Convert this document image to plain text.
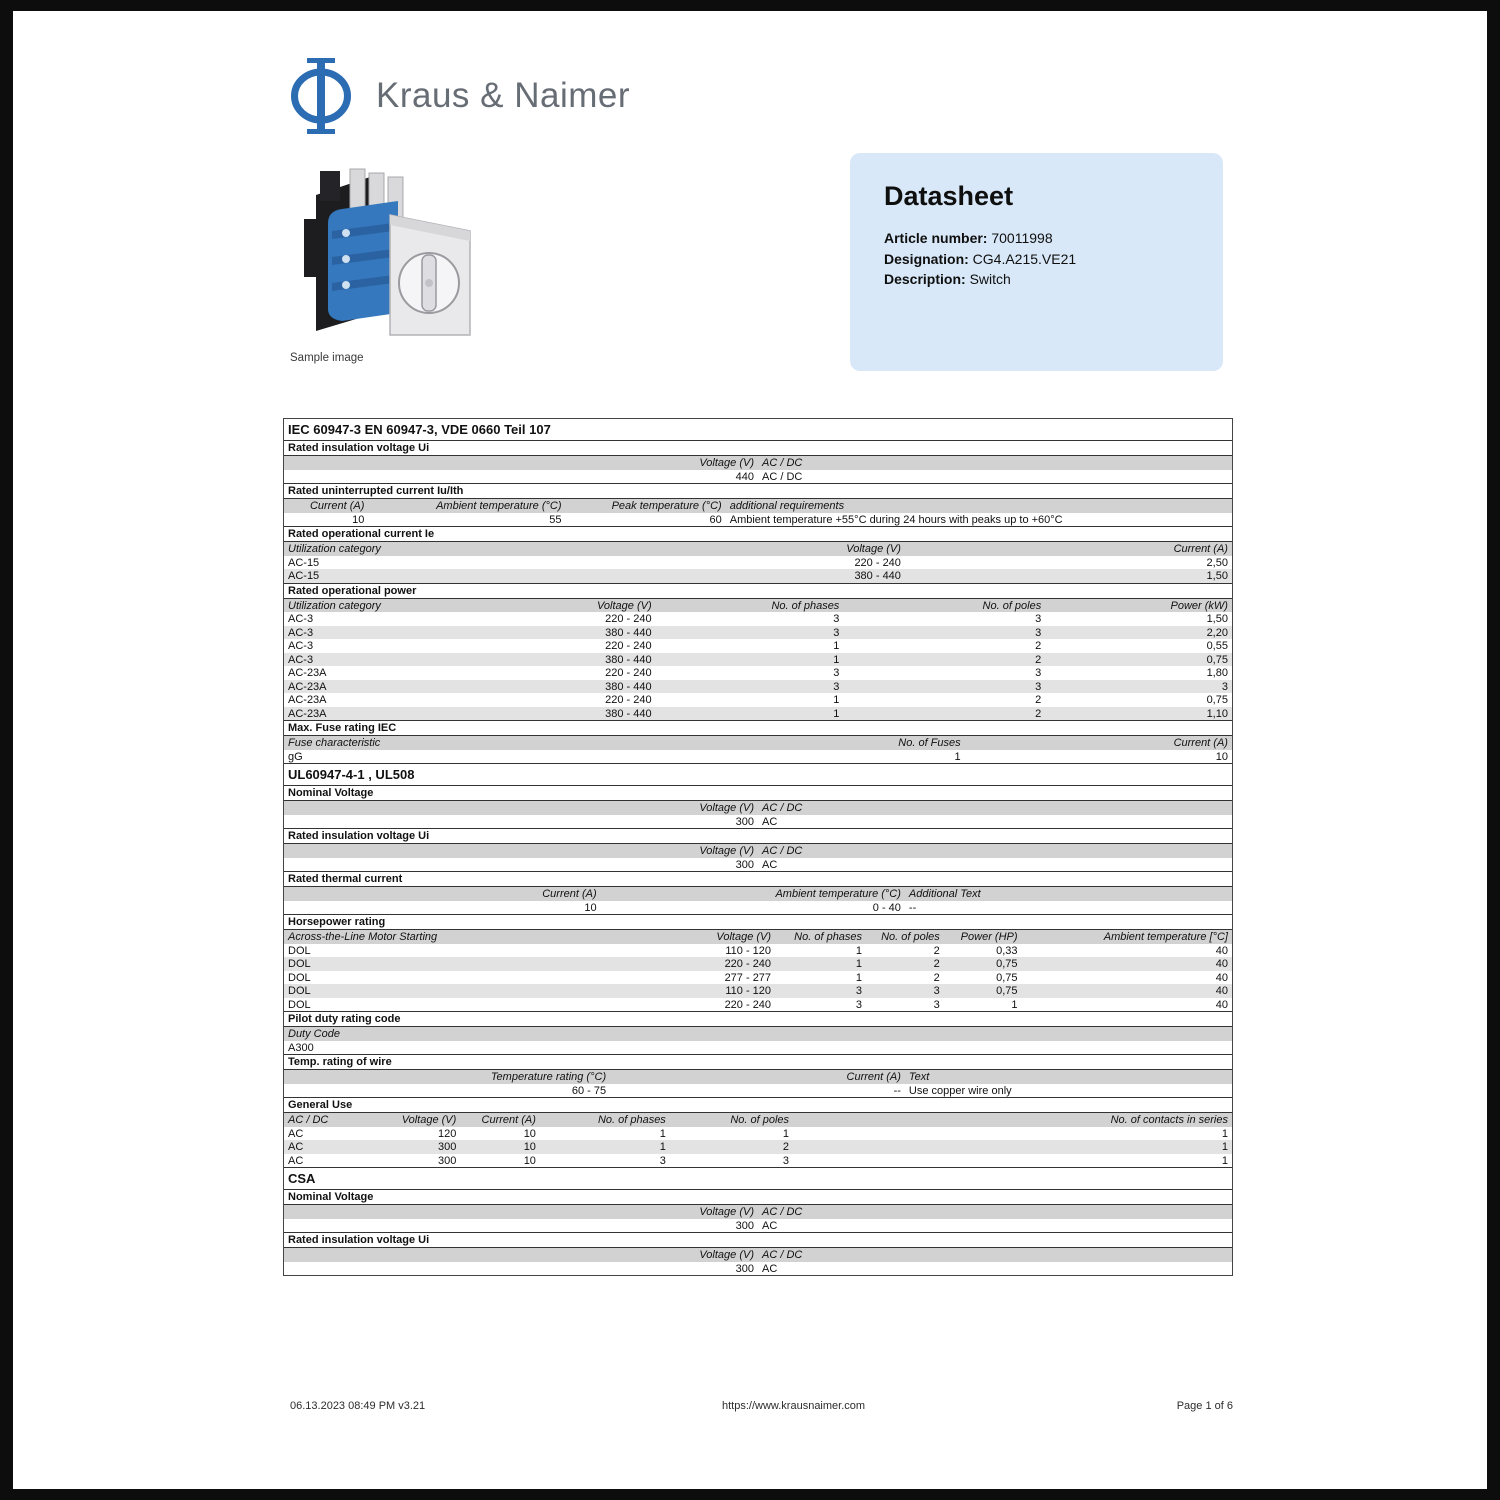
Kraus & Naimer
Sample image
Datasheet
Article number: 70011998
Designation: CG4.A215.VE21
Description: Switch
IEC 60947-3 EN 60947-3, VDE 0660 Teil 107
Rated insulation voltage Ui
Voltage (V) AC / DC
440 AC / DC
Rated uninterrupted current Iu/Ith
Current (A)	Ambient temperature (°C)	Peak temperature (°C) additional requirements
10	55	60 Ambient temperature +55°C during 24 hours with peaks up to +60°C
Rated operational current Ie
Utilization category	Voltage (V)	Current (A)
AC-15	220 - 240	2,50
AC-15	380 - 440	1,50
Rated operational power
Utilization category	Voltage (V)	No. of phases	No. of poles	Power (kW)
AC-3	220 - 240	3	3	1,50
AC-3	380 - 440	3	3	2,20
AC-3	220 - 240	1	2	0,55
AC-3	380 - 440	1	2	0,75
AC-23A	220 - 240	3	3	1,80
AC-23A	380 - 440	3	3	3
AC-23A	220 - 240	1	2	0,75
AC-23A	380 - 440	1	2	1,10
Max. Fuse rating IEC
Fuse characteristic	No. of Fuses	Current (A)
gG	1	10
UL60947-4-1 , UL508
Nominal Voltage
Voltage (V) AC / DC
300 AC
Rated insulation voltage Ui
Voltage (V) AC / DC
300 AC
Rated thermal current
Current (A)	Ambient temperature (°C) Additional Text
10	0 - 40 --
Horsepower rating
Across-the-Line Motor Starting	Voltage (V)	No. of phases	No. of poles	Power (HP)	Ambient temperature [°C]
DOL	110 - 120	1	2	0,33	40
DOL	220 - 240	1	2	0,75	40
DOL	277 - 277	1	2	0,75	40
DOL	110 - 120	3	3	0,75	40
DOL	220 - 240	3	3	1	40
Pilot duty rating code
Duty Code
A300
Temp. rating of wire
Temperature rating (°C)	Current (A) Text
60 - 75	-- Use copper wire only
General Use
AC / DC	Voltage (V)	Current (A)	No. of phases	No. of poles	No. of contacts in series
AC	120	10	1	1	1
AC	300	10	1	2	1
AC	300	10	3	3	1
CSA
Nominal Voltage
Voltage (V) AC / DC
300 AC
Rated insulation voltage Ui
Voltage (V) AC / DC
300 AC
06.13.2023 08:49 PM v3.21	https://www.krausnaimer.com	Page 1 of 6
